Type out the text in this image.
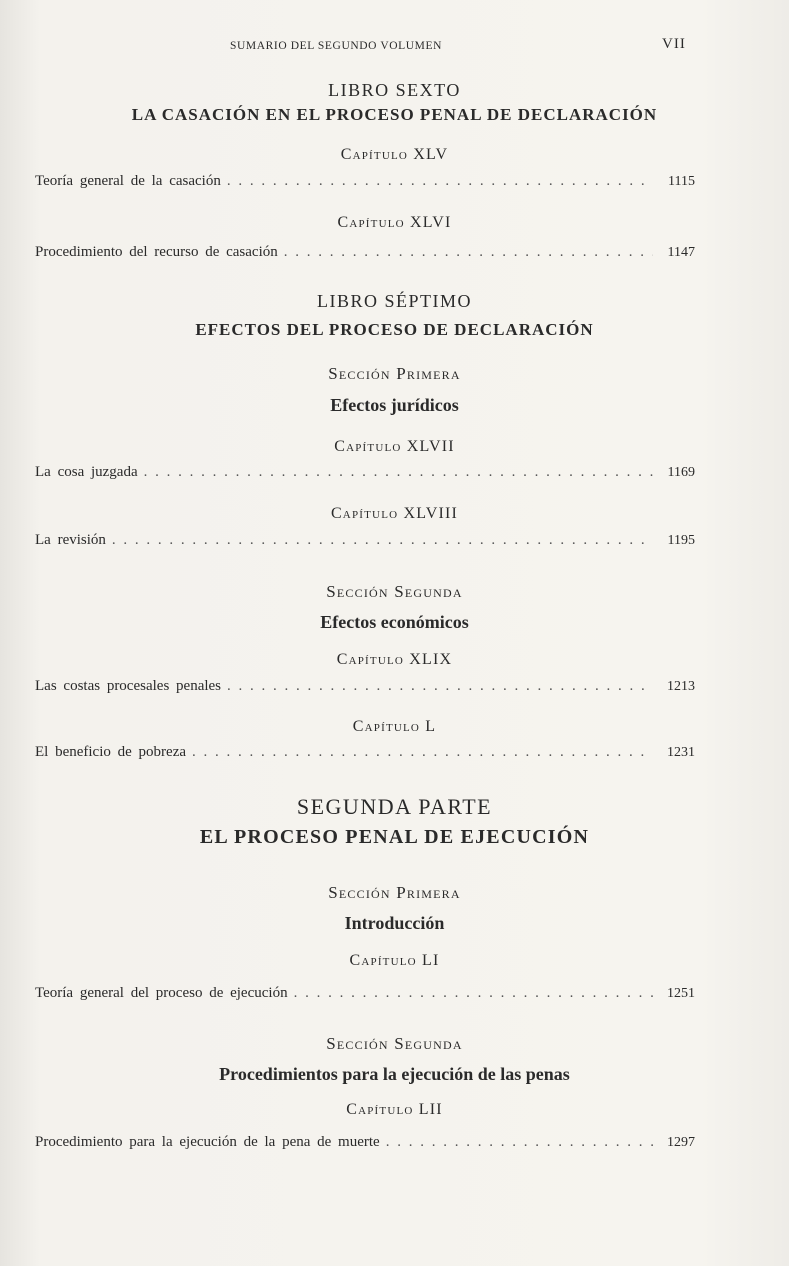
SUMARIO DEL SEGUNDO VOLUMEN	VII
LIBRO SEXTO
LA CASACIÓN EN EL PROCESO PENAL DE DECLARACIÓN
Capítulo XLV
Teoría general de la casación . . .	1115
Capítulo XLVI
Procedimiento del recurso de casación . . .	1147
LIBRO SÉPTIMO
EFECTOS DEL PROCESO DE DECLARACIÓN
Sección Primera
Efectos jurídicos
Capítulo XLVII
La cosa juzgada . . .	1169
Capítulo XLVIII
La revisión . . .	1195
Sección Segunda
Efectos económicos
Capítulo XLIX
Las costas procesales penales . . .	1213
Capítulo L
El beneficio de pobreza . . .	1231
SEGUNDA PARTE
EL PROCESO PENAL DE EJECUCIÓN
Sección Primera
Introducción
Capítulo LI
Teoría general del proceso de ejecución . . .	1251
Sección Segunda
Procedimientos para la ejecución de las penas
Capítulo LII
Procedimiento para la ejecución de la pena de muerte . . .	1297
